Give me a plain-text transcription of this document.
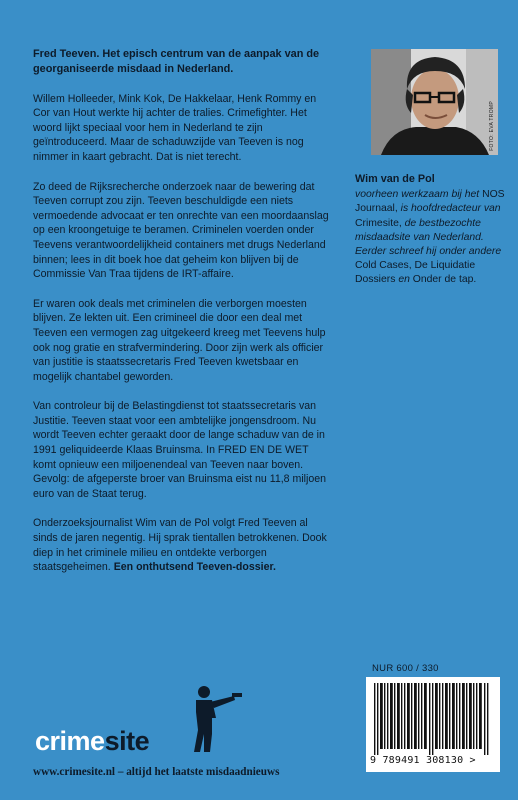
Fred Teeven. Het episch centrum van de aanpak van de georganiseerde misdaad in Nederland.

Willem Holleeder, Mink Kok, De Hakkelaar, Henk Rommy en Cor van Hout werkte hij achter de tralies. Crimefighter. Het woord lijkt speciaal voor hem in Nederland te zijn geïntroduceerd. Maar de schaduwzijde van Teeven is nog nimmer in kaart gebracht. Dat is niet terecht.

Zo deed de Rijksrecherche onderzoek naar de bewering dat Teeven corrupt zou zijn. Teeven beschuldigde een niets vermoedende advocaat er ten onrechte van een moordaanslag op een kroongetuige te beramen. Criminelen voerden onder Teevens verantwoordelijkheid containers met drugs Nederland binnen; lees in dit boek hoe dat geheim kon blijven bij de Commissie Van Traa tijdens de IRT-affaire.

Er waren ook deals met criminelen die verborgen moesten blijven. Ze lekten uit. Een crimineel die door een deal met Teeven een vermogen zag uitgekeerd kreeg met Teevens hulp ook nog gratie en strafvermindering. Door zijn werk als officier van justitie is staatssecretaris Fred Teeven kwetsbaar en mogelijk chantabel geworden.

Van controleur bij de Belastingdienst tot staatssecretaris van Justitie. Teeven staat voor een ambtelijke jongensdroom. Nu wordt Teeven echter geraakt door de lange schaduw van de in 1991 geliquideerde Klaas Bruinsma. In FRED EN DE WET komt opnieuw een miljoenendeal van Teeven naar boven. Gevolg: de afgeperste broer van Bruinsma eist nu 11,8 miljoen euro van de Staat terug.

Onderzoeksjournalist Wim van de Pol volgt Fred Teeven al sinds de jaren negentig. Hij sprak tientallen betrokkenen. Dook diep in het criminele milieu en ontdekte verborgen staatsgeheimen. Een onthutsend Teeven-dossier.

FOTO: EVA TROMP
Wim van de Pol
voorheen werkzaam bij het NOS Journaal, is hoofdredacteur van Crimesite, de bestbezochte misdaadsite van Nederland. Eerder schreef hij onder andere Cold Cases, De Liquidatie Dossiers en Onder de tap.
NUR 600 / 330
9 789491 308130 >
crimesite
www.crimesite.nl – altijd het laatste misdaadnieuws
